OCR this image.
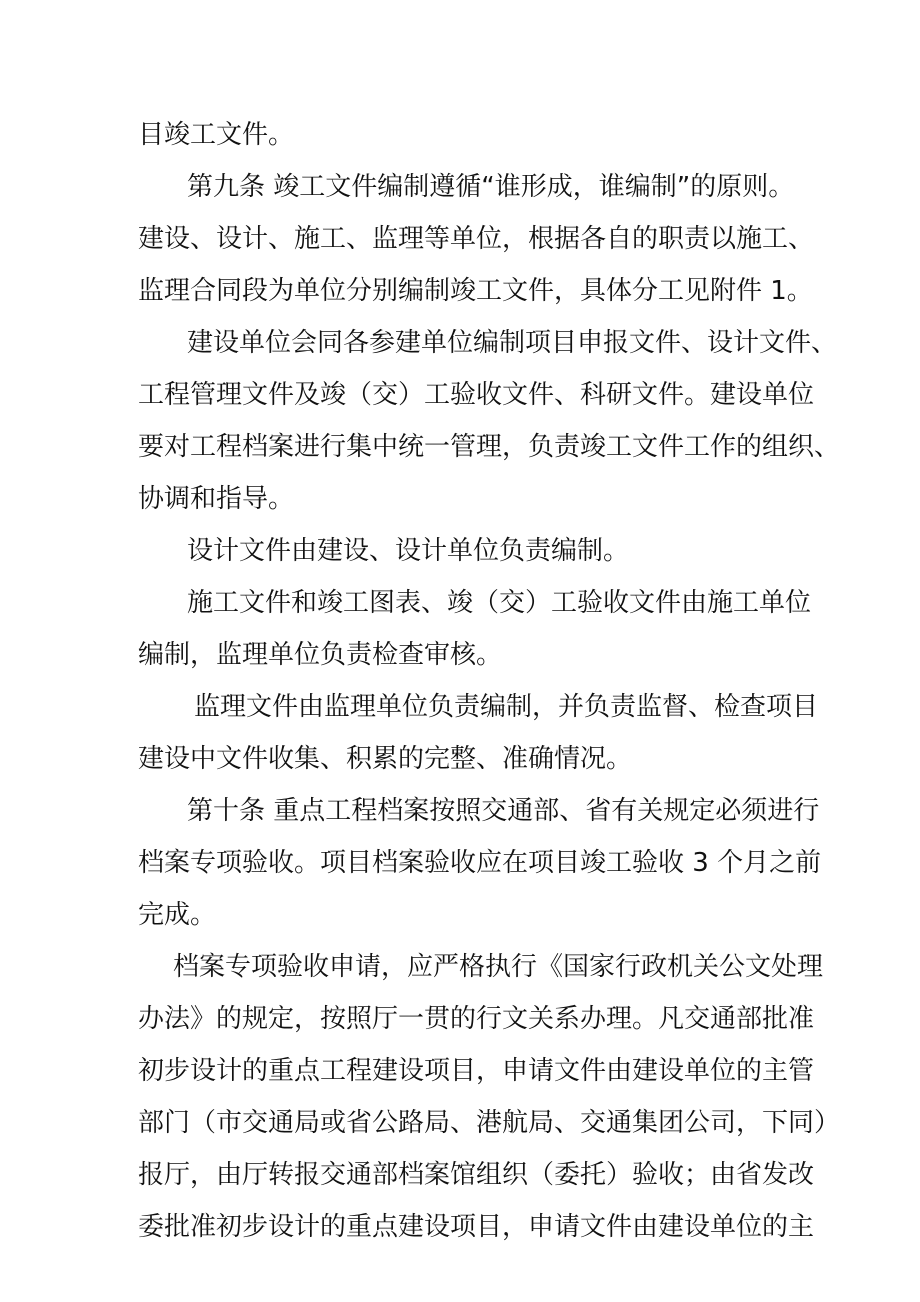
目竣工文件。
第九条 竣工文件编制遵循“谁形成，谁编制”的原则。
建设、设计、施工、监理等单位，根据各自的职责以施工、
监理合同段为单位分别编制竣工文件，具体分工见附件 1。
建设单位会同各参建单位编制项目申报文件、设计文件、
工程管理文件及竣（交）工验收文件、科研文件。建设单位
要对工程档案进行集中统一管理，负责竣工文件工作的组织、
协调和指导。
设计文件由建设、设计单位负责编制。
施工文件和竣工图表、竣（交）工验收文件由施工单位
编制，监理单位负责检查审核。
监理文件由监理单位负责编制，并负责监督、检查项目
建设中文件收集、积累的完整、准确情况。
第十条 重点工程档案按照交通部、省有关规定必须进行
档案专项验收。项目档案验收应在项目竣工验收 3 个月之前
完成。
档案专项验收申请，应严格执行《国家行政机关公文处理
办法》的规定，按照厅一贯的行文关系办理。凡交通部批准
初步设计的重点工程建设项目，申请文件由建设单位的主管
部门（市交通局或省公路局、港航局、交通集团公司，下同）
报厅，由厅转报交通部档案馆组织（委托）验收；由省发改
委批准初步设计的重点建设项目，申请文件由建设单位的主
